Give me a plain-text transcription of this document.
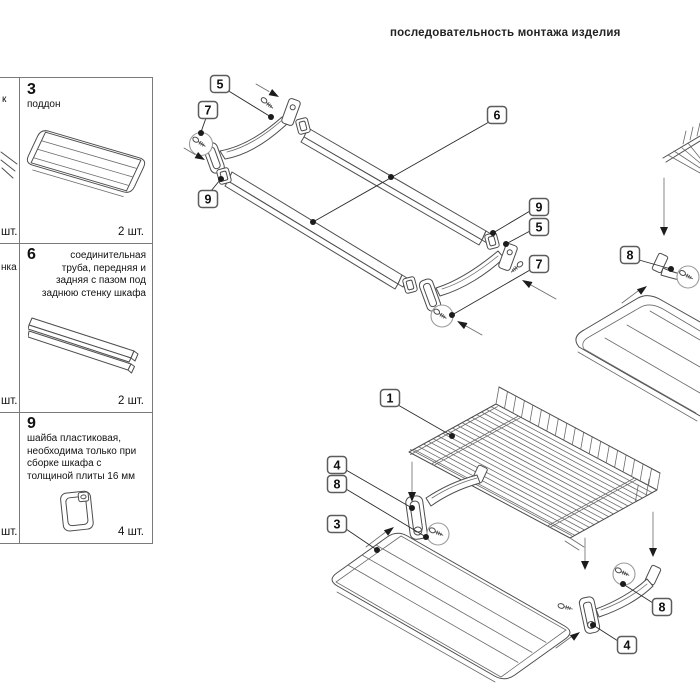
последовательность монтажа изделия
к
шт.
нка
шт.
шт.
3
поддон
2 шт.
6	соединительная труба, передняя и задняя с пазом под заднюю стенку шкафа
2 шт.
9
шайба пластиковая, необходима только при сборке шкафа с толщиной плиты 16 мм
4 шт.
5
7
9
6
9
5
7
8
1
4
8
3
8
4
